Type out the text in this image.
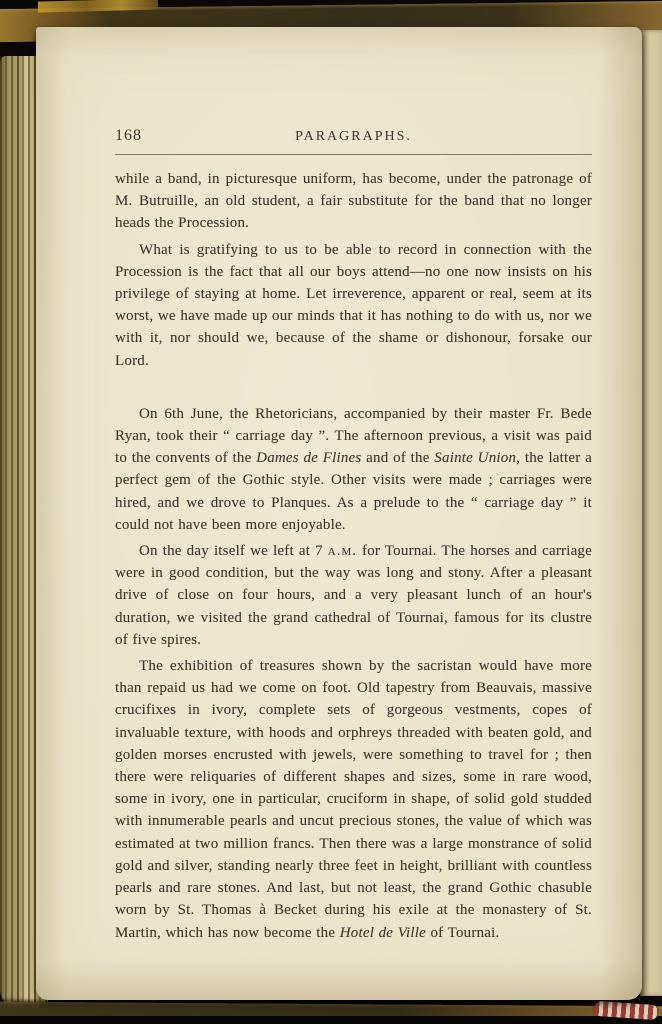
168	PARAGRAPHS.

while a band, in picturesque uniform, has become, under the patronage of M. Butruille, an old student, a fair substitute for the band that no longer heads the Procession.

What is gratifying to us to be able to record in connection with the Procession is the fact that all our boys attend—no one now insists on his privilege of staying at home. Let irreverence, apparent or real, seem at its worst, we have made up our minds that it has nothing to do with us, nor we with it, nor should we, because of the shame or dishonour, forsake our Lord.

On 6th June, the Rhetoricians, accompanied by their master Fr. Bede Ryan, took their “ carriage day ”. The afternoon previous, a visit was paid to the convents of the Dames de Flines and of the Sainte Union, the latter a perfect gem of the Gothic style. Other visits were made ; carriages were hired, and we drove to Planques. As a prelude to the “ carriage day ” it could not have been more enjoyable.

On the day itself we left at 7 a.m. for Tournai. The horses and carriage were in good condition, but the way was long and stony. After a pleasant drive of close on four hours, and a very pleasant lunch of an hour's duration, we visited the grand cathedral of Tournai, famous for its clustre of five spires.

The exhibition of treasures shown by the sacristan would have more than repaid us had we come on foot. Old tapestry from Beauvais, massive crucifixes in ivory, complete sets of gorgeous vestments, copes of invaluable texture, with hoods and orphreys threaded with beaten gold, and golden morses encrusted with jewels, were something to travel for ; then there were reliquaries of different shapes and sizes, some in rare wood, some in ivory, one in particular, cruciform in shape, of solid gold studded with innumerable pearls and uncut precious stones, the value of which was estimated at two million francs. Then there was a large monstrance of solid gold and silver, standing nearly three feet in height, brilliant with countless pearls and rare stones. And last, but not least, the grand Gothic chasuble worn by St. Thomas à Becket during his exile at the monastery of St. Martin, which has now become the Hotel de Ville of Tournai.
